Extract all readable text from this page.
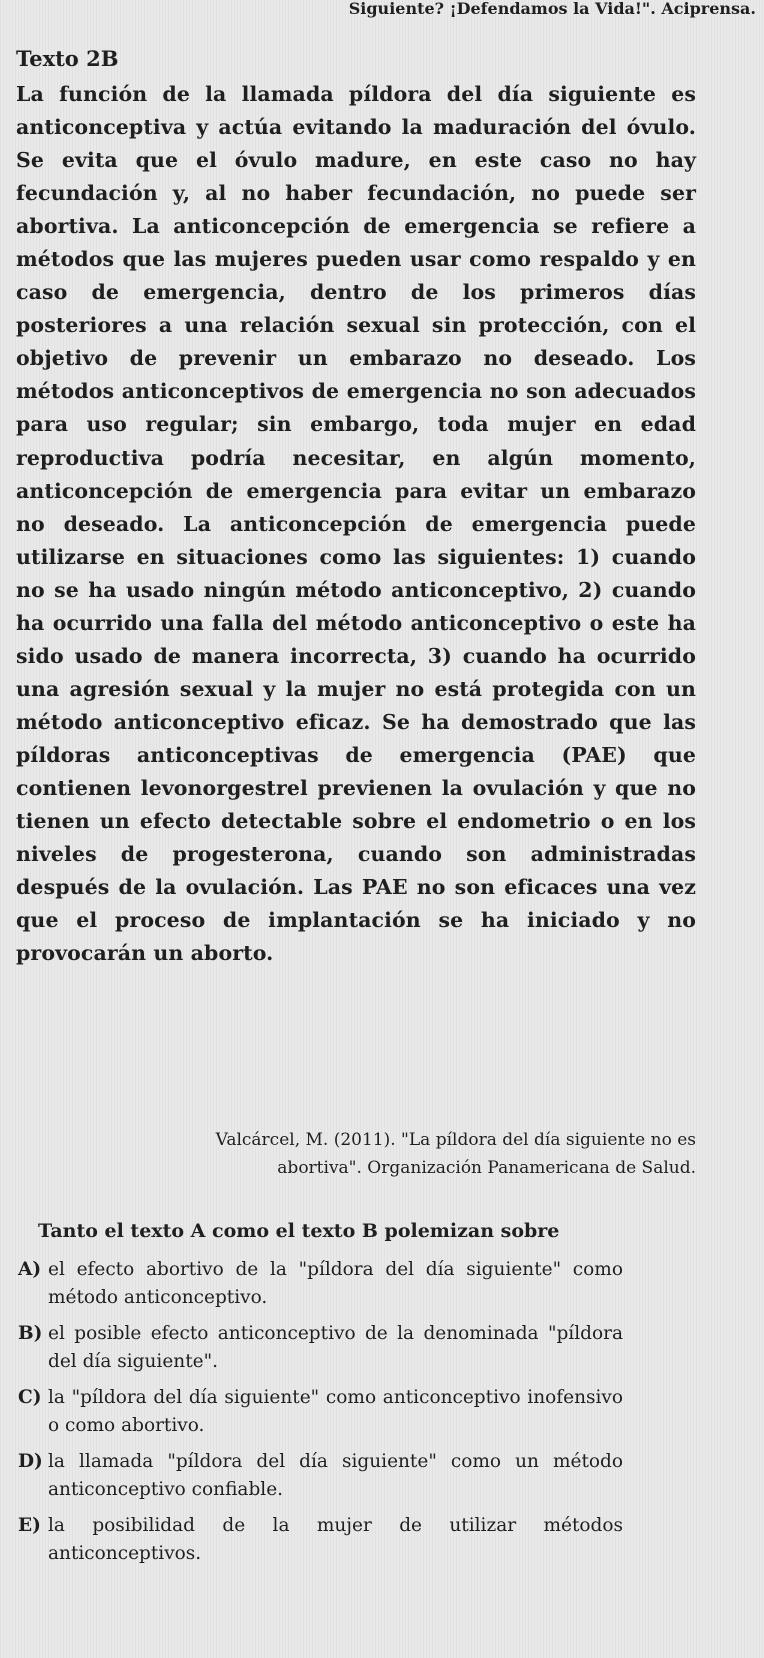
Siguiente? ¡Defendamos la Vida!". Aciprensa.
Texto 2B

La función de la llamada píldora del día siguiente es anticonceptiva y actúa evitando la maduración del óvulo. Se evita que el óvulo madure, en este caso no hay fecundación y, al no haber fecundación, no puede ser abortiva. La anticoncepción de emergencia se refiere a métodos que las mujeres pueden usar como respaldo y en caso de emergencia, dentro de los primeros días posteriores a una relación sexual sin protección, con el objetivo de prevenir un embarazo no deseado. Los métodos anticonceptivos de emergencia no son adecuados para uso regular; sin embargo, toda mujer en edad reproductiva podría necesitar, en algún momento, anticoncepción de emergencia para evitar un embarazo no deseado. La anticoncepción de emergencia puede utilizarse en situaciones como las siguientes: 1) cuando no se ha usado ningún método anticonceptivo, 2) cuando ha ocurrido una falla del método anticonceptivo o este ha sido usado de manera incorrecta, 3) cuando ha ocurrido una agresión sexual y la mujer no está protegida con un método anticonceptivo eficaz. Se ha demostrado que las píldoras anticonceptivas de emergencia (PAE) que contienen levonorgestrel previenen la ovulación y que no tienen un efecto detectable sobre el endometrio o en los niveles de progesterona, cuando son administradas después de la ovulación. Las PAE no son eficaces una vez que el proceso de implantación se ha iniciado y no provocarán un aborto.

Valcárcel, M. (2011). "La píldora del día siguiente no es abortiva". Organización Panamericana de Salud.

Tanto el texto A como el texto B polemizan sobre

A) el efecto abortivo de la "píldora del día siguiente" como método anticonceptivo.
B) el posible efecto anticonceptivo de la denominada "píldora del día siguiente".
C) la "píldora del día siguiente" como anticonceptivo inofensivo o como abortivo.
D) la llamada "píldora del día siguiente" como un método anticonceptivo confiable.
E) la posibilidad de la mujer de utilizar métodos anticonceptivos.
